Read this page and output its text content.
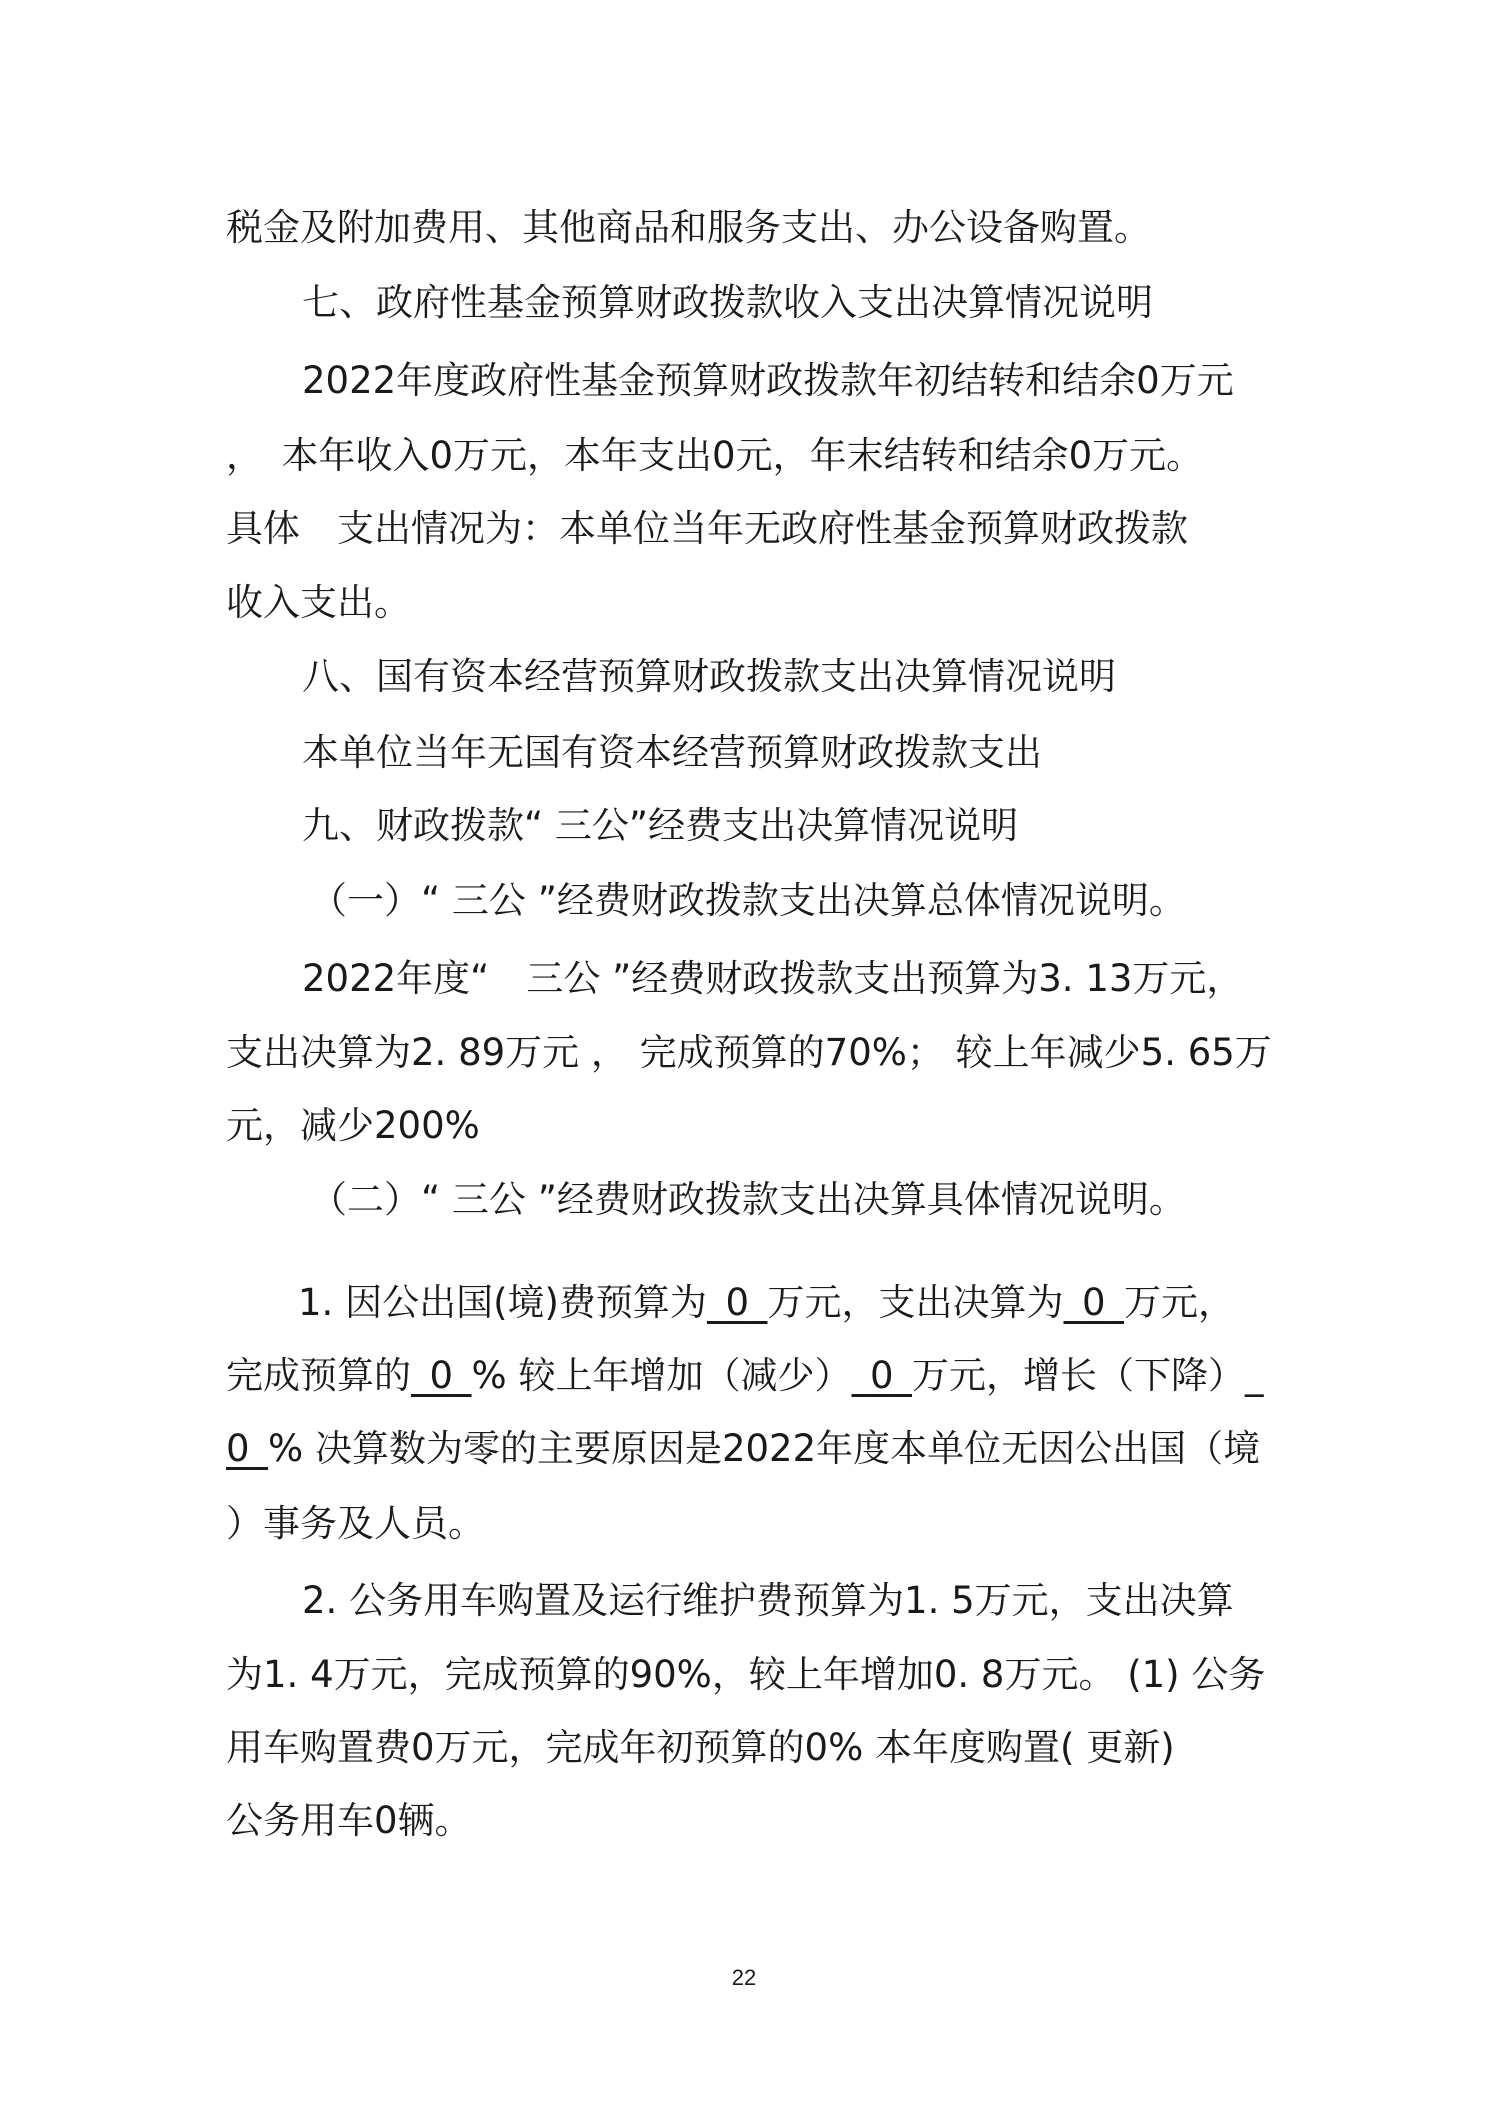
税金及附加费用、其他商品和服务支出、办公设备购置。
七、政府性基金预算财政拨款收入支出决算情况说明
2022年度政府性基金预算财政拨款年初结转和结余0万元
，　本年收入0万元，本年支出0元，年末结转和结余0万元。
具体　支出情况为：本单位当年无政府性基金预算财政拨款
收入支出。
八、国有资本经营预算财政拨款支出决算情况说明
本单位当年无国有资本经营预算财政拨款支出
九、财政拨款“ 三公”经费支出决算情况说明
（一）“ 三公 ”经费财政拨款支出决算总体情况说明。
2022年度“　三公 ”经费财政拨款支出预算为3. 13万元，
支出决算为2. 89万元 ， 完成预算的70%； 较上年减少5. 65万
元，减少200%
（二）“ 三公 ”经费财政拨款支出决算具体情况说明。
1. 因公出国(境)费预算为  0  万元，支出决算为  0  万元，
完成预算的  0  % 较上年增加（减少）  0  万元，增长（下降）_
0  % 决算数为零的主要原因是2022年度本单位无因公出国（境
）事务及人员。
2. 公务用车购置及运行维护费预算为1. 5万元，支出决算
为1. 4万元，完成预算的90%，较上年增加0. 8万元。 (1) 公务
用车购置费0万元，完成年初预算的0% 本年度购置( 更新)
公务用车0辆。
22
